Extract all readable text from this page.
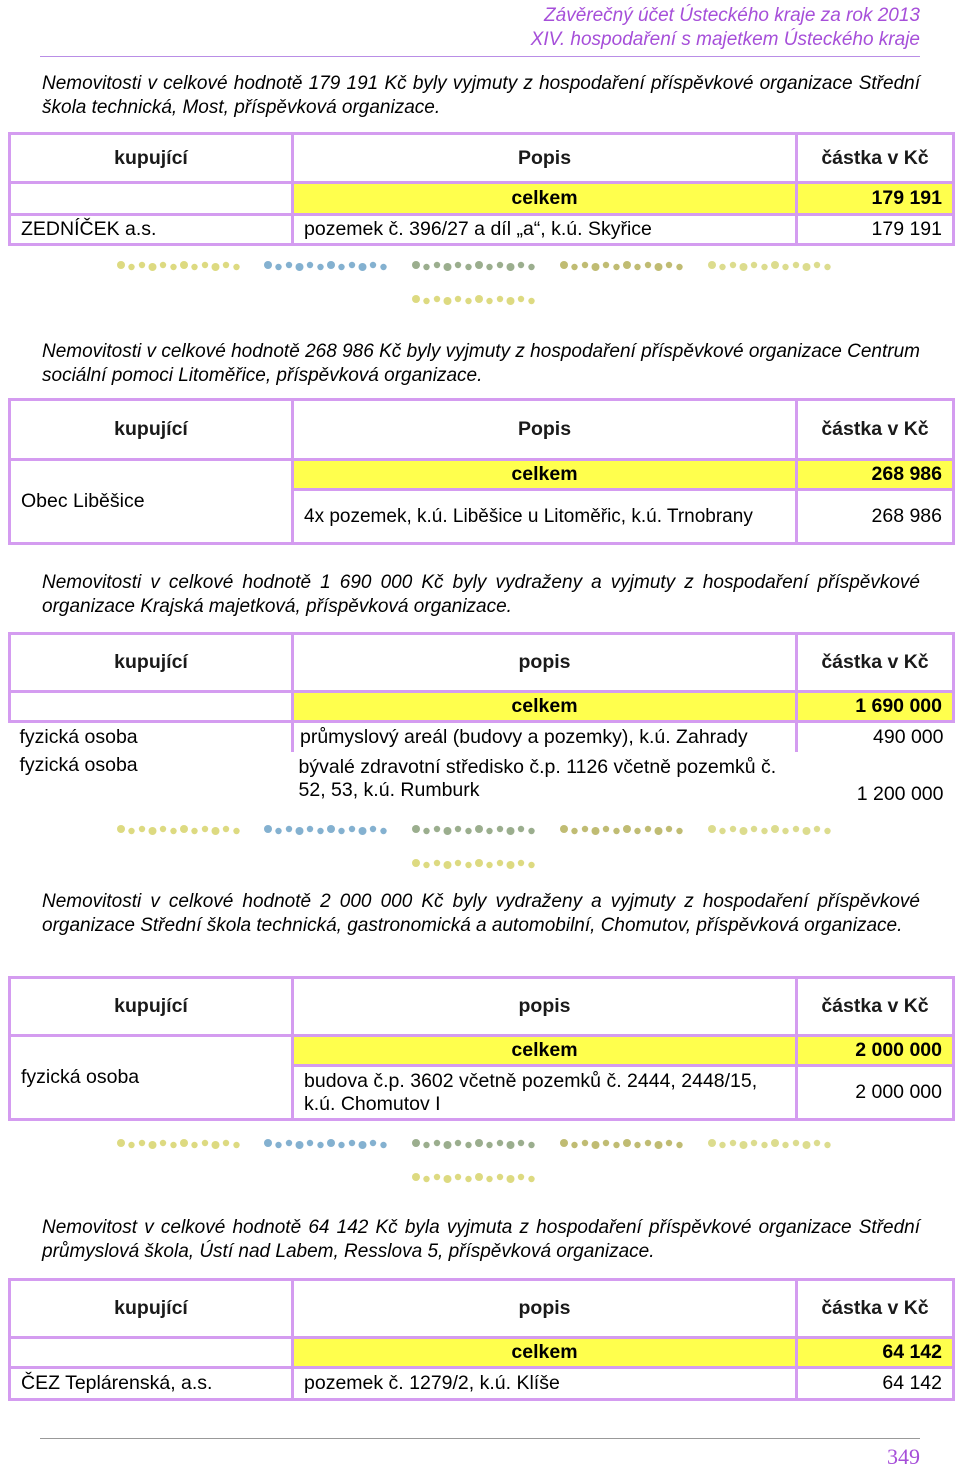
Závěrečný účet Ústeckého kraje za rok 2013
XIV. hospodaření s majetkem Ústeckého kraje
Nemovitosti v celkové hodnotě 179 191 Kč byly vyjmuty z hospodaření příspěvkové organizace Střední škola technická, Most, příspěvková organizace.
kupující	Popis	částka v Kč
	celkem	179 191
ZEDNÍČEK a.s.	pozemek č. 396/27 a díl „a“, k.ú. Skyřice	179 191
Nemovitosti v celkové hodnotě 268 986 Kč byly vyjmuty z hospodaření příspěvkové organizace Centrum sociální pomoci Litoměřice, příspěvková organizace.
kupující	Popis	částka v Kč
Obec Liběšice	celkem	268 986
	4x pozemek, k.ú. Liběšice u Litoměřic, k.ú. Trnobrany	268 986
Nemovitosti v celkové hodnotě 1 690 000 Kč byly vydraženy a vyjmuty z hospodaření příspěvkové organizace Krajská majetková, příspěvková organizace.
kupující	popis	částka v Kč
	celkem	1 690 000
fyzická osoba	průmyslový areál (budovy a pozemky), k.ú. Zahrady	490 000
fyzická osoba	bývalé zdravotní středisko č.p. 1126 včetně pozemků č. 52, 53, k.ú. Rumburk	1 200 000
Nemovitosti v celkové hodnotě 2 000 000 Kč byly vydraženy a vyjmuty z hospodaření příspěvkové organizace Střední škola technická, gastronomická a automobilní, Chomutov, příspěvková organizace.
kupující	popis	částka v Kč
fyzická osoba	celkem	2 000 000
	budova č.p. 3602 včetně pozemků č. 2444, 2448/15, k.ú. Chomutov I	2 000 000
Nemovitost v celkové hodnotě 64 142 Kč byla vyjmuta z hospodaření příspěvkové organizace Střední průmyslová škola, Ústí nad Labem, Resslova 5, příspěvková organizace.
kupující	popis	částka v Kč
	celkem	64 142
ČEZ Teplárenská, a.s.	pozemek č. 1279/2, k.ú. Klíše	64 142
349
